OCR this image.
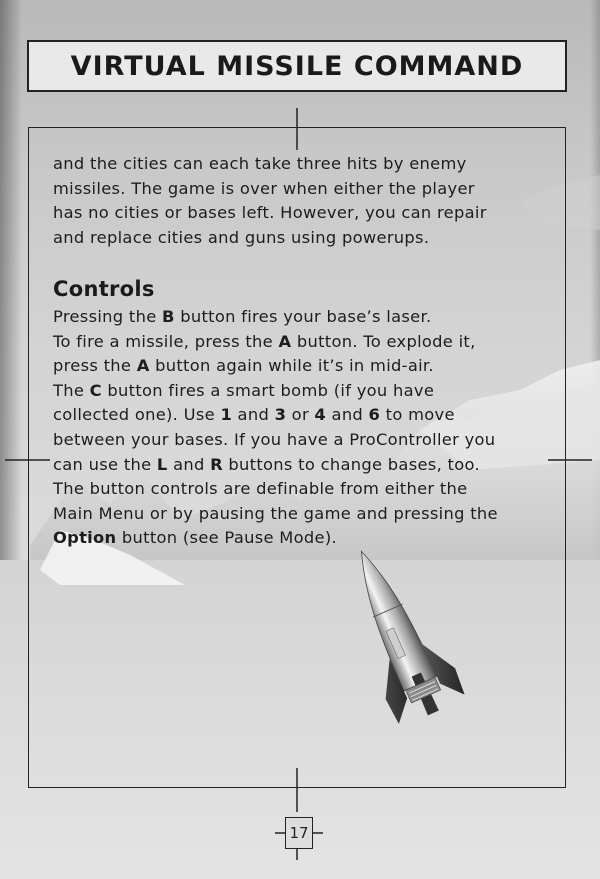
VIRTUAL MISSILE COMMAND

and the cities can each take three hits by enemy

missiles. The game is over when either the player

has no cities or bases left. However, you can repair

and replace cities and guns using powerups.

Controls

Pressing the B button fires your base’s laser.

To fire a missile, press the A button. To explode it,

press the A button again while it’s in mid-air.

The C button fires a smart bomb (if you have

collected one). Use 1 and 3 or 4 and 6 to move

between your bases. If you have a ProController you

can use the L and R buttons to change bases, too.

The button controls are definable from either the

Main Menu or by pausing the game and pressing the

Option button (see Pause Mode).

17
